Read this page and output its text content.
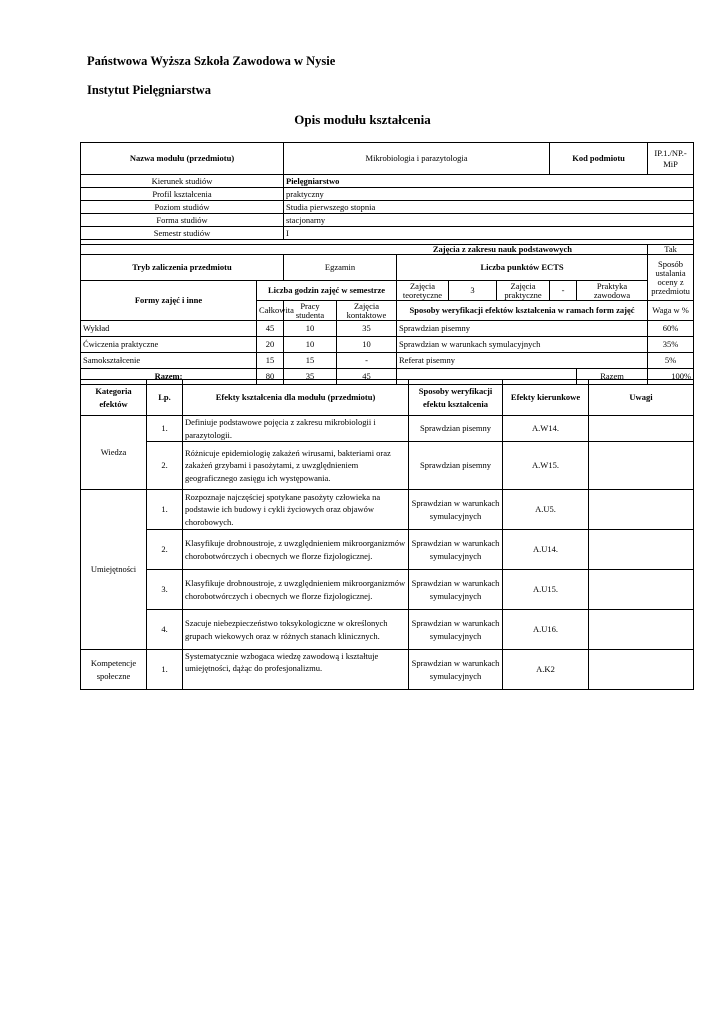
Państwowa Wyższa Szkoła Zawodowa w Nysie
Instytut Pielęgniarstwa
Opis modułu kształcenia
Nazwa modułu (przedmiotu)		Mikrobiologia i parazytologia					Kod podmiotu		IP.1./NP.-MiP
Kierunek studiów		Pielęgniarstwo							
Profil kształcenia		praktyczny							
Poziom studiów		Studia pierwszego stopnia							
Forma studiów		stacjonarny							
Semestr studiów		I							

Zajęcia z zakresu nauk podstawowych									Tak
Tryb zaliczenia przedmiotu		Egzamin		Liczba punktów ECTS					Sposób ustalania oceny z przedmiotu
Formy zajęć i inne	Liczba godzin zajęć w semestrze			Zajęcia teoretyczne	3	Zajęcia praktyczne	-	Praktyka zawodowa	
	Całkowita	Pracy studenta	Zajęcia kontaktowe	Sposoby weryfikacji efektów kształcenia w ramach form zajęć					Waga w %
Wykład	45	10	35	Sprawdzian pisemny					60%
Ćwiczenia praktyczne	20	10	10	Sprawdzian w warunkach symulacyjnych					35%
Samokształcenie	15	15	-	Referat pisemny					5%
Razem:	80	35	45					Razem	100%
Kategoria efektów	Lp.	Efekty kształcenia dla modułu (przedmiotu)	Sposoby weryfikacji efektu kształcenia	Efekty kierunkowe	Uwagi
Wiedza	1.	Definiuje podstawowe pojęcia z zakresu mikrobiologii i parazytologii.	Sprawdzian pisemny	A.W14.	
	2.	Różnicuje epidemiologię zakażeń wirusami, bakteriami oraz zakażeń grzybami i pasożytami, z uwzględnieniem geograficznego zasięgu ich występowania.	Sprawdzian pisemny	A.W15.	
Umiejętności	1.	Rozpoznaje najczęściej spotykane pasożyty człowieka na podstawie ich budowy i cykli życiowych oraz objawów chorobowych.	Sprawdzian w warunkach symulacyjnych	A.U5.	
	2.	Klasyfikuje drobnoustroje, z uwzględnieniem mikroorganizmów chorobotwórczych i obecnych we florze fizjologicznej.	Sprawdzian w warunkach symulacyjnych	A.U14.	
	3.	Klasyfikuje drobnoustroje, z uwzględnieniem mikroorganizmów chorobotwórczych i obecnych we florze fizjologicznej.	Sprawdzian w warunkach symulacyjnych	A.U15.	
	4.	Szacuje niebezpieczeństwo toksykologiczne w określonych grupach wiekowych oraz w różnych stanach klinicznych.	Sprawdzian w warunkach symulacyjnych	A.U16.	
Kompetencje społeczne	1.	Systematycznie wzbogaca wiedzę zawodową i kształtuje umiejętności, dążąc do profesjonalizmu.	Sprawdzian w warunkach symulacyjnych	A.K2	
